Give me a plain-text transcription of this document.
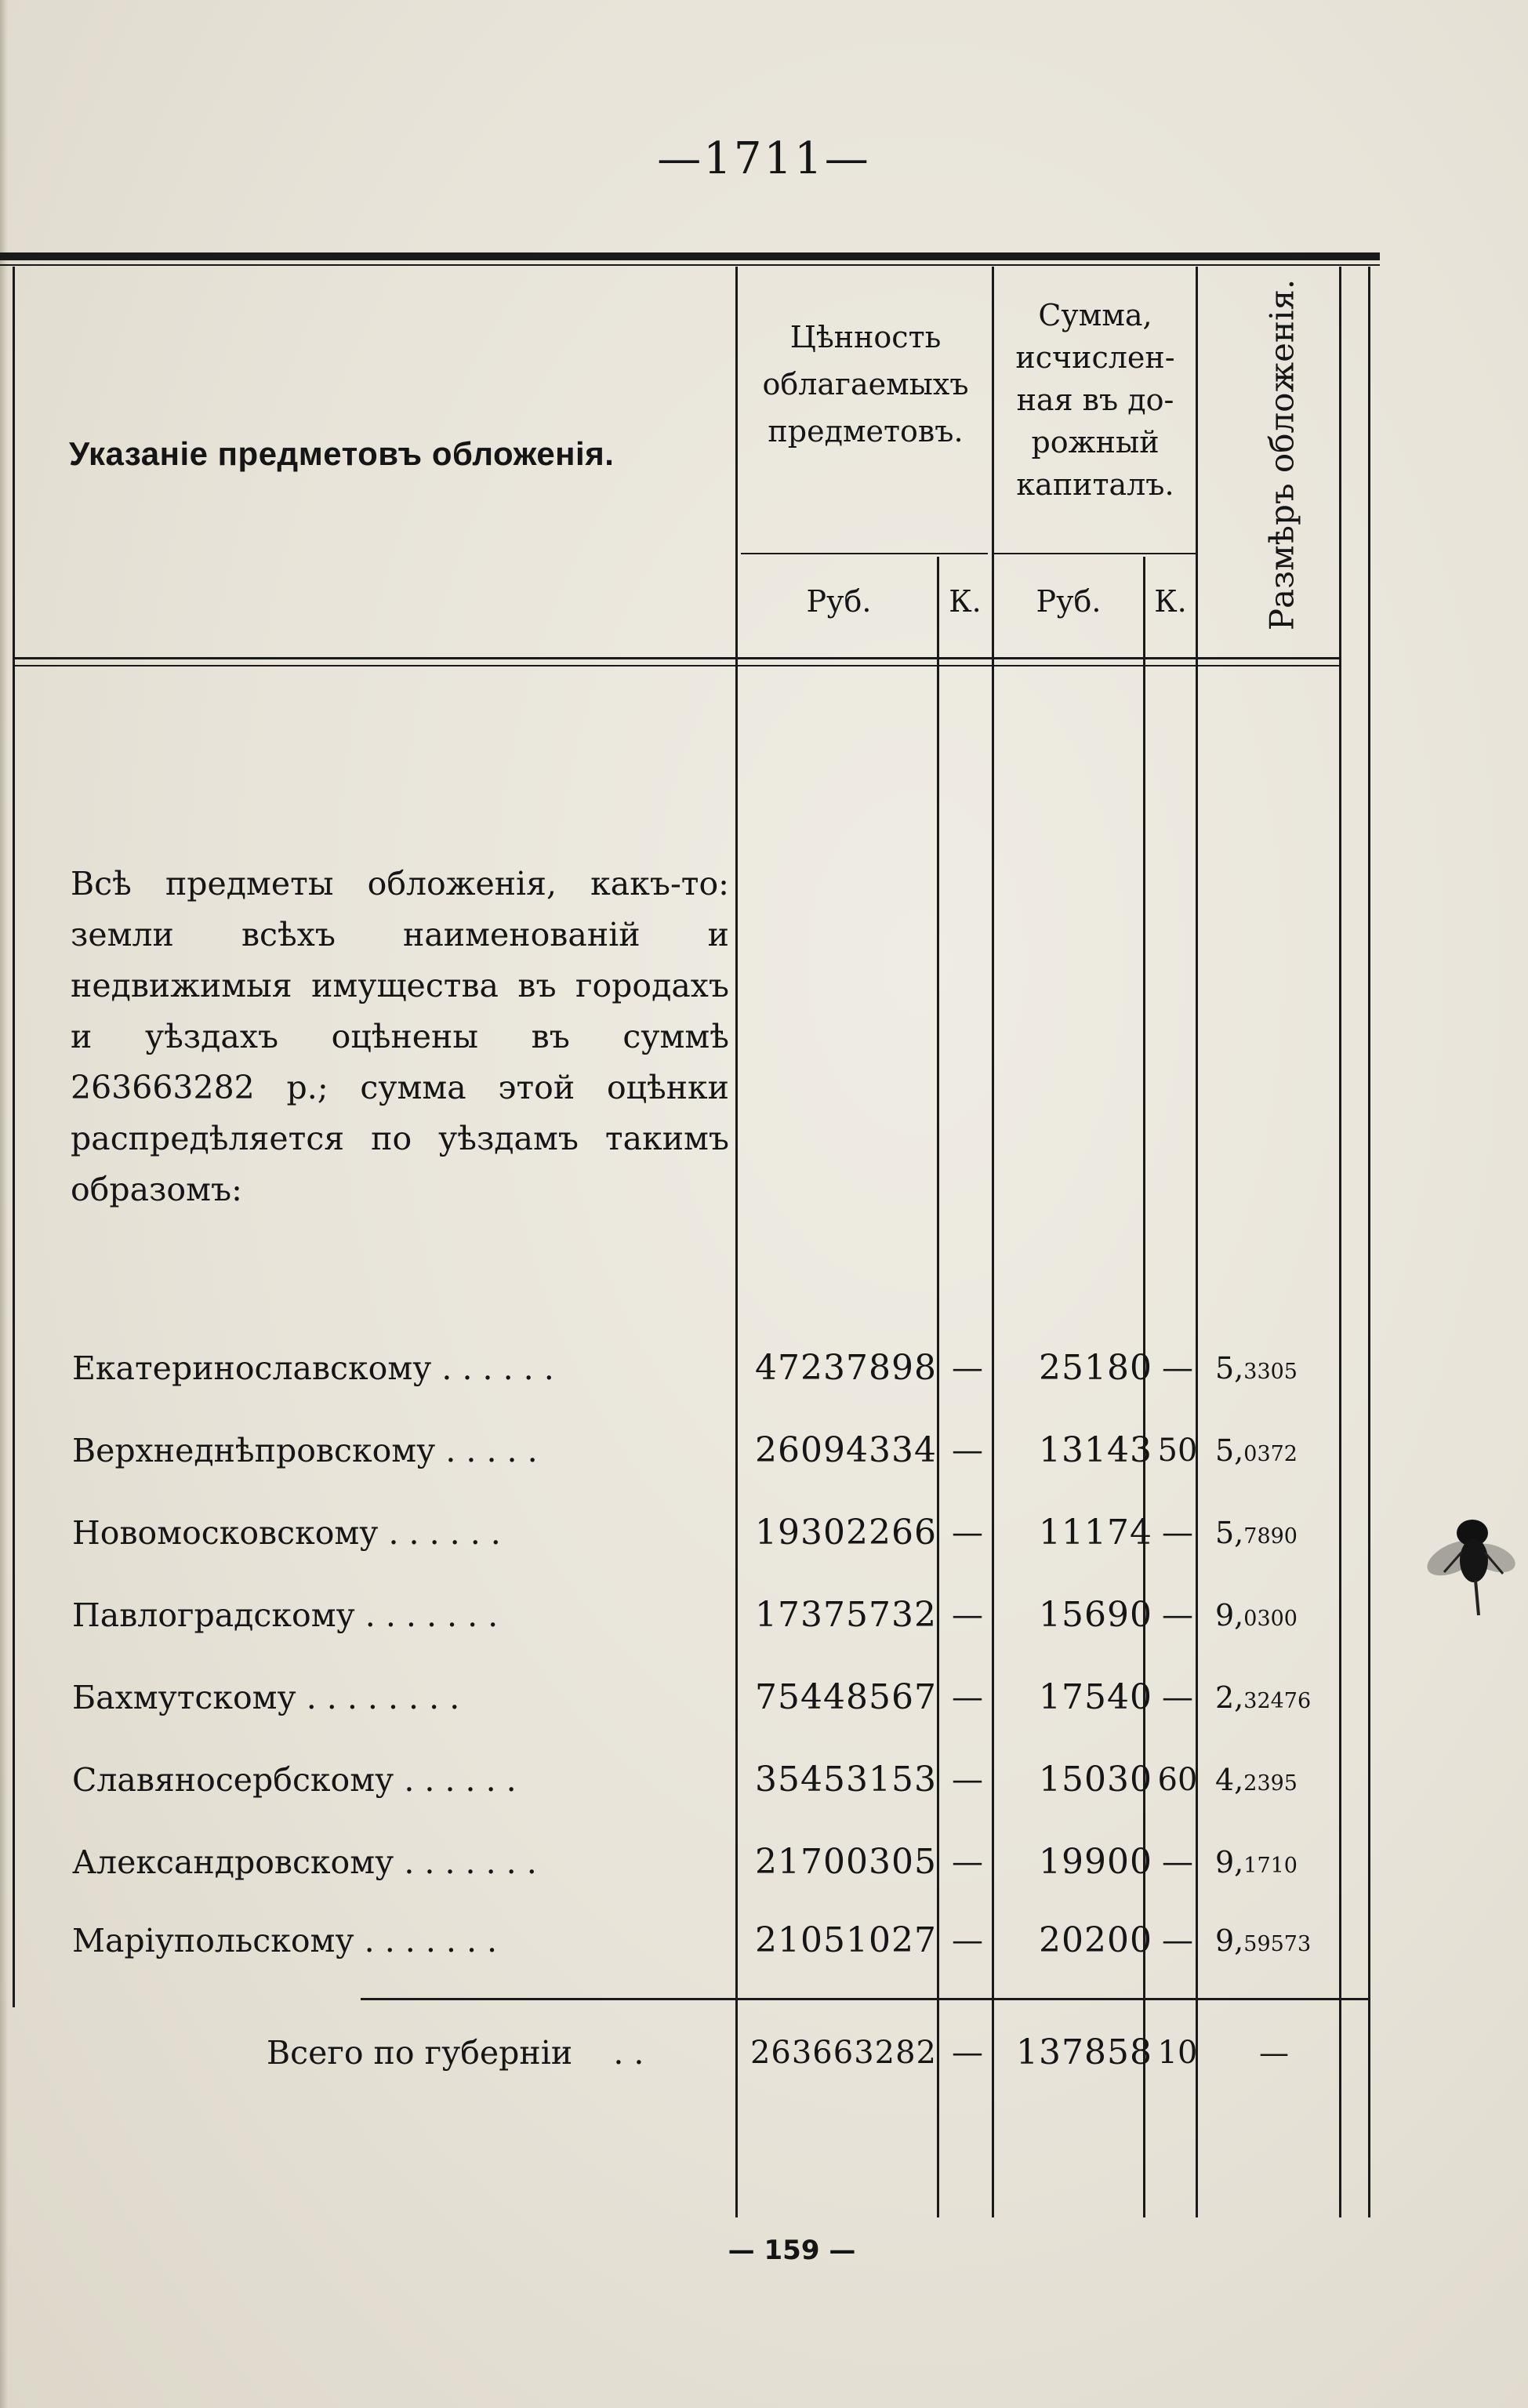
—1711—
Указаніе предметовъ обложенія.
Цѣнность
облагаемыхъ
предметовъ.
Сумма,
исчислен-
ная въ до-
рожный
капиталъ.	Размѣръ обложенія.
Руб.	К.	Руб.	К.
Всѣ предметы обложенія, какъ-то: земли всѣхъ наименованій и недвижимыя имущества въ городахъ и уѣздахъ оцѣнены въ суммѣ 263663282 р.; сумма этой оцѣнки распредѣляется по уѣздамъ такимъ образомъ:
Екатеринославскому . . . . . .	47237898 —	25180 — 5,3305
Верхнеднѣпровскому . . . . .	26094334 —	13143 50 5,0372
Новомосковскому . . . . . .	19302266 —	11174 — 5,7890
Павлоградскому . . . . . . .	17375732 —	15690 — 9,0300
Бахмутскому . . . . . . . .	75448567 —	17540 — 2,32476
Славяносербскому . . . . . .	35453153 —	15030 60 4,2395
Александровскому . . . . . . .	21700305 —	19900 — 9,1710
Маріупольскому . . . . . . .	21051027 —	20200 — 9,59573
Всего по губерніи . .	263663282 — 137858 10	—
— 159 —
